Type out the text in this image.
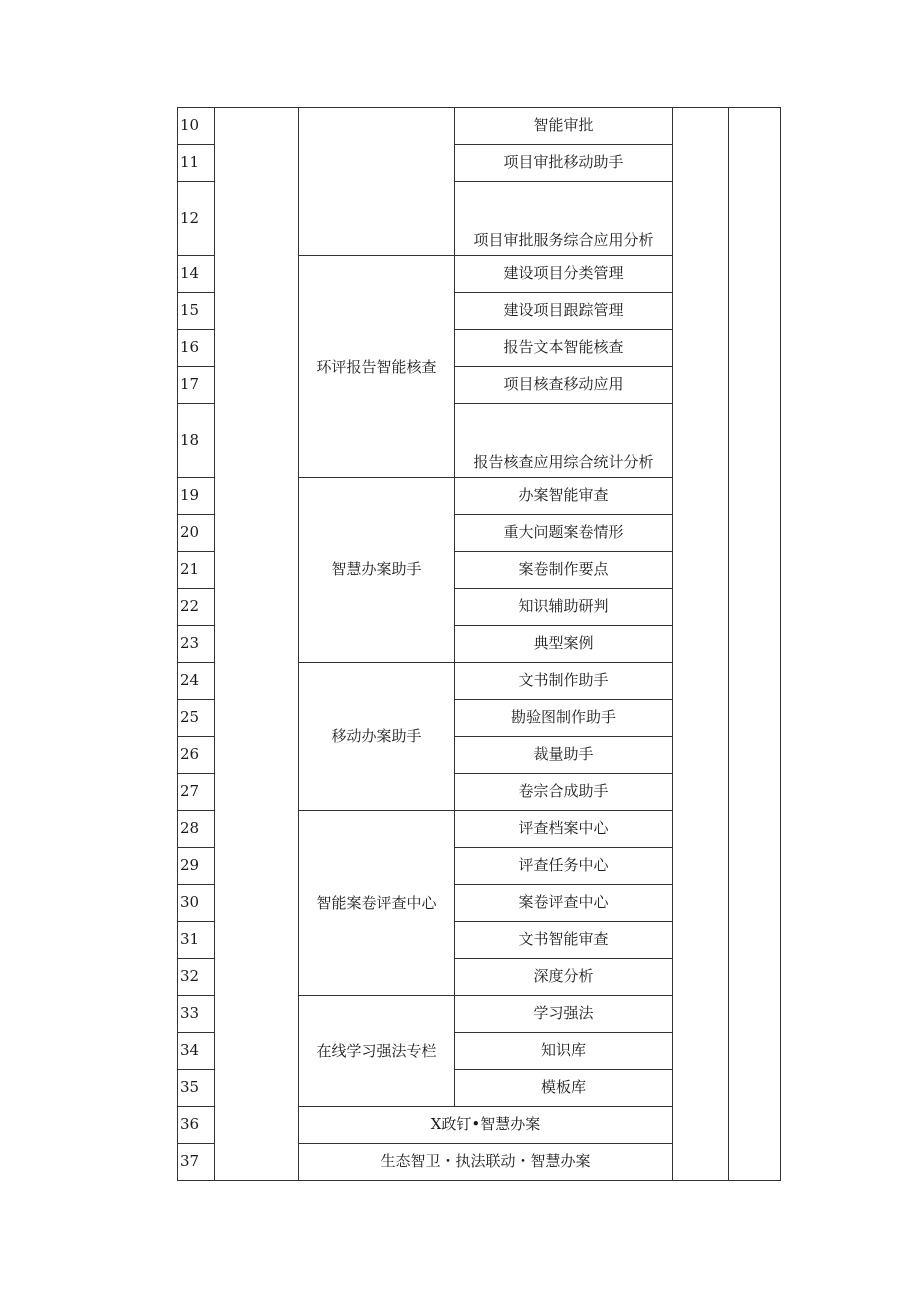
10
11
12
14
15
16
17
18
19
20
21
22
23
24
25
26
27
28
29
30
31
32
33
34
35
36
37
环评报告智能核查
智慧办案助手
移动办案助手
智能案卷评查中心
在线学习强法专栏
智能审批
项目审批移动助手
项目审批服务综合应用分析
建设项目分类管理
建设项目跟踪管理
报告文本智能核查
项目核查移动应用
报告核查应用综合统计分析
办案智能审查
重大问题案卷情形
案卷制作要点
知识辅助研判
典型案例
文书制作助手
勘验图制作助手
裁量助手
卷宗合成助手
评查档案中心
评查任务中心
案卷评查中心
文书智能审查
深度分析
学习强法
知识库
模板库
X政钉•智慧办案
生态智卫・执法联动・智慧办案
